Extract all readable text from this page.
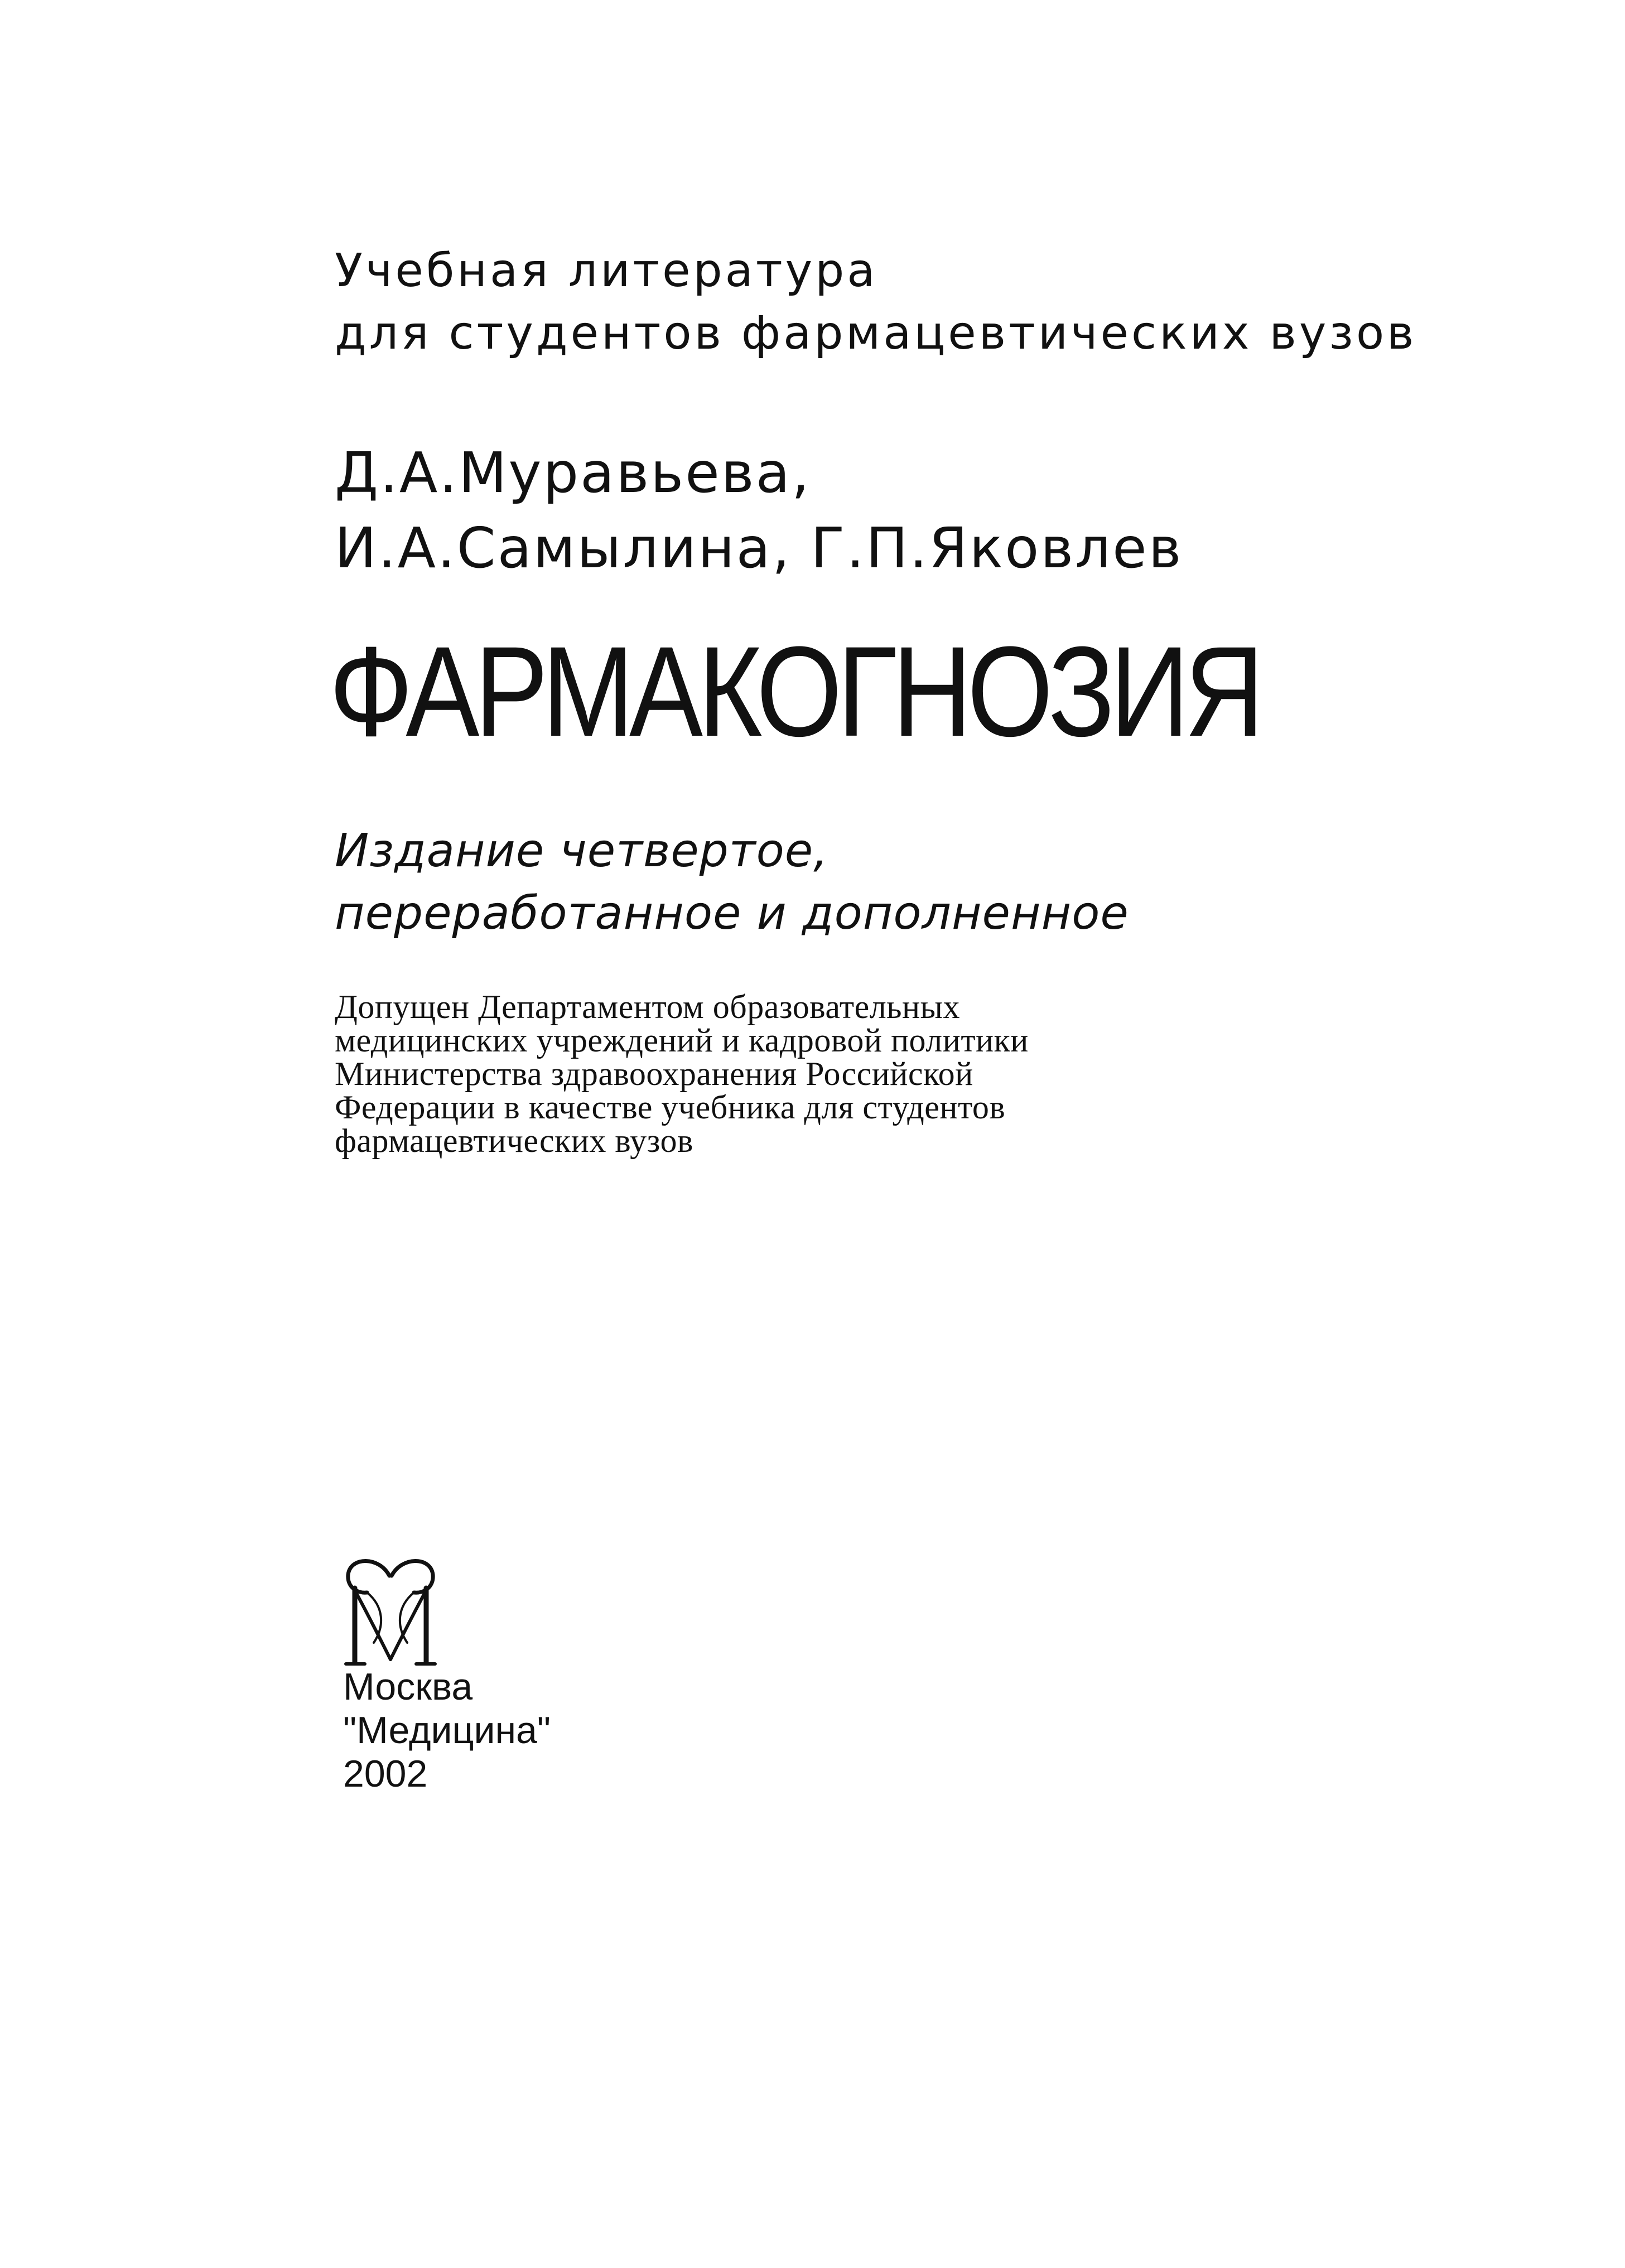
Учебная литература
для студентов фармацевтических вузов
Д.А.Муравьева,
И.А.Самылина, Г.П.Яковлев
ФАРМАКОГНОЗИЯ
Издание четвертое,
переработанное и дополненное
Допущен Департаментом образовательных
медицинских учреждений и кадровой политики
Министерства здравоохранения Российской
Федерации в качестве учебника для студентов
фармацевтических вузов
Москва
"Медицина"
2002
